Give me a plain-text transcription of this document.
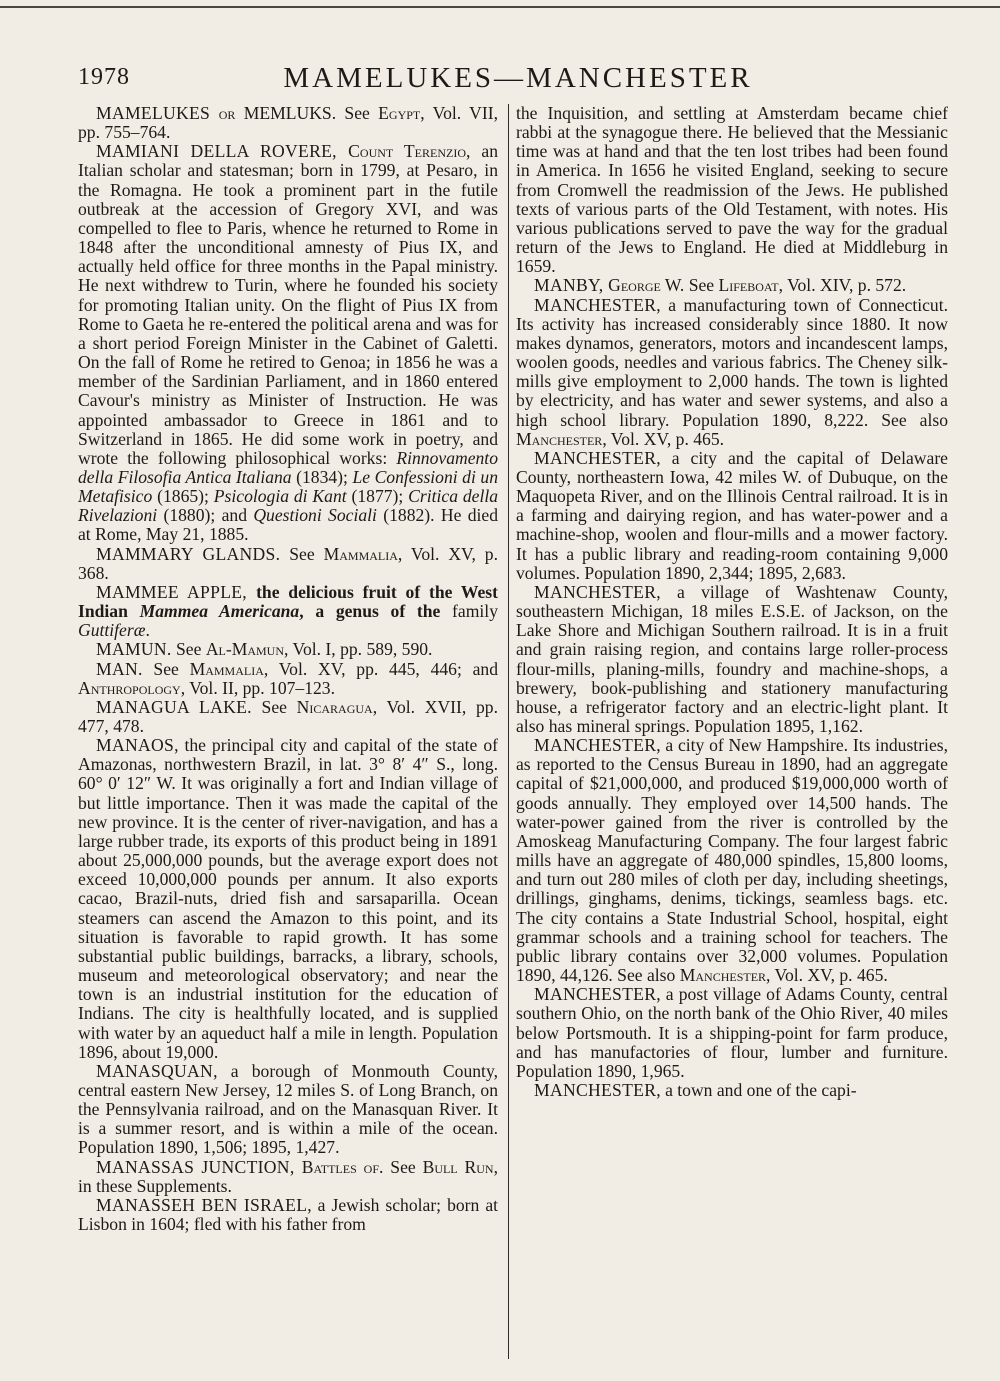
1978	MAMELUKES—MANCHESTER

MAMELUKES or MEMLUKS. See Egypt, Vol. VII, pp. 755–764.

MAMIANI DELLA ROVERE, Count Terenzio, an Italian scholar and statesman; born in 1799, at Pesaro, in the Romagna. He took a prominent part in the futile outbreak at the accession of Gregory XVI, and was compelled to flee to Paris, whence he returned to Rome in 1848 after the unconditional amnesty of Pius IX, and actually held office for three months in the Papal ministry. He next withdrew to Turin, where he founded his society for promoting Italian unity. On the flight of Pius IX from Rome to Gaeta he re-entered the political arena and was for a short period Foreign Minister in the Cabinet of Galetti. On the fall of Rome he retired to Genoa; in 1856 he was a member of the Sardinian Parliament, and in 1860 entered Cavour's ministry as Minister of Instruction. He was appointed ambassador to Greece in 1861 and to Switzerland in 1865. He did some work in poetry, and wrote the following philosophical works: Rinnovamento della Filosofia Antica Italiana (1834); Le Confessioni di un Metafisico (1865); Psicologia di Kant (1877); Critica della Rivelazioni (1880); and Questioni Sociali (1882). He died at Rome, May 21, 1885.

MAMMARY GLANDS. See Mammalia, Vol. XV, p. 368.

MAMMEE APPLE, the delicious fruit of the West Indian Mammea Americana, a genus of the family Guttiferæ.

MAMUN. See Al-Mamun, Vol. I, pp. 589, 590.

MAN. See Mammalia, Vol. XV, pp. 445, 446; and Anthropology, Vol. II, pp. 107–123.

MANAGUA LAKE. See Nicaragua, Vol. XVII, pp. 477, 478.

MANAOS, the principal city and capital of the state of Amazonas, northwestern Brazil, in lat. 3° 8′ 4″ S., long. 60° 0′ 12″ W. It was originally a fort and Indian village of but little importance. Then it was made the capital of the new province. It is the center of river-navigation, and has a large rubber trade, its exports of this product being in 1891 about 25,000,000 pounds, but the average export does not exceed 10,000,000 pounds per annum. It also exports cacao, Brazil-nuts, dried fish and sarsaparilla. Ocean steamers can ascend the Amazon to this point, and its situation is favorable to rapid growth. It has some substantial public buildings, barracks, a library, schools, museum and meteorological observatory; and near the town is an industrial institution for the education of Indians. The city is healthfully located, and is supplied with water by an aqueduct half a mile in length. Population 1896, about 19,000.

MANASQUAN, a borough of Monmouth County, central eastern New Jersey, 12 miles S. of Long Branch, on the Pennsylvania railroad, and on the Manasquan River. It is a summer resort, and is within a mile of the ocean. Population 1890, 1,506; 1895, 1,427.

MANASSAS JUNCTION, Battles of. See Bull Run, in these Supplements.

MANASSEH BEN ISRAEL, a Jewish scholar; born at Lisbon in 1604; fled with his father from

the Inquisition, and settling at Amsterdam became chief rabbi at the synagogue there. He believed that the Messianic time was at hand and that the ten lost tribes had been found in America. In 1656 he visited England, seeking to secure from Cromwell the readmission of the Jews. He published texts of various parts of the Old Testament, with notes. His various publications served to pave the way for the gradual return of the Jews to England. He died at Middleburg in 1659.

MANBY, George W. See Lifeboat, Vol. XIV, p. 572.

MANCHESTER, a manufacturing town of Connecticut. Its activity has increased considerably since 1880. It now makes dynamos, generators, motors and incandescent lamps, woolen goods, needles and various fabrics. The Cheney silk-mills give employment to 2,000 hands. The town is lighted by electricity, and has water and sewer systems, and also a high school library. Population 1890, 8,222. See also Manchester, Vol. XV, p. 465.

MANCHESTER, a city and the capital of Delaware County, northeastern Iowa, 42 miles W. of Dubuque, on the Maquopeta River, and on the Illinois Central railroad. It is in a farming and dairying region, and has water-power and a machine-shop, woolen and flour-mills and a mower factory. It has a public library and reading-room containing 9,000 volumes. Population 1890, 2,344; 1895, 2,683.

MANCHESTER, a village of Washtenaw County, southeastern Michigan, 18 miles E.S.E. of Jackson, on the Lake Shore and Michigan Southern railroad. It is in a fruit and grain raising region, and contains large roller-process flour-mills, planing-mills, foundry and machine-shops, a brewery, book-publishing and stationery manufacturing house, a refrigerator factory and an electric-light plant. It also has mineral springs. Population 1895, 1,162.

MANCHESTER, a city of New Hampshire. Its industries, as reported to the Census Bureau in 1890, had an aggregate capital of $21,000,000, and produced $19,000,000 worth of goods annually. They employed over 14,500 hands. The water-power gained from the river is controlled by the Amoskeag Manufacturing Company. The four largest fabric mills have an aggregate of 480,000 spindles, 15,800 looms, and turn out 280 miles of cloth per day, including sheetings, drillings, ginghams, denims, tickings, seamless bags. etc. The city contains a State Industrial School, hospital, eight grammar schools and a training school for teachers. The public library contains over 32,000 volumes. Population 1890, 44,126. See also Manchester, Vol. XV, p. 465.

MANCHESTER, a post village of Adams County, central southern Ohio, on the north bank of the Ohio River, 40 miles below Portsmouth. It is a shipping-point for farm produce, and has manufactories of flour, lumber and furniture. Population 1890, 1,965.

MANCHESTER, a town and one of the capi-
